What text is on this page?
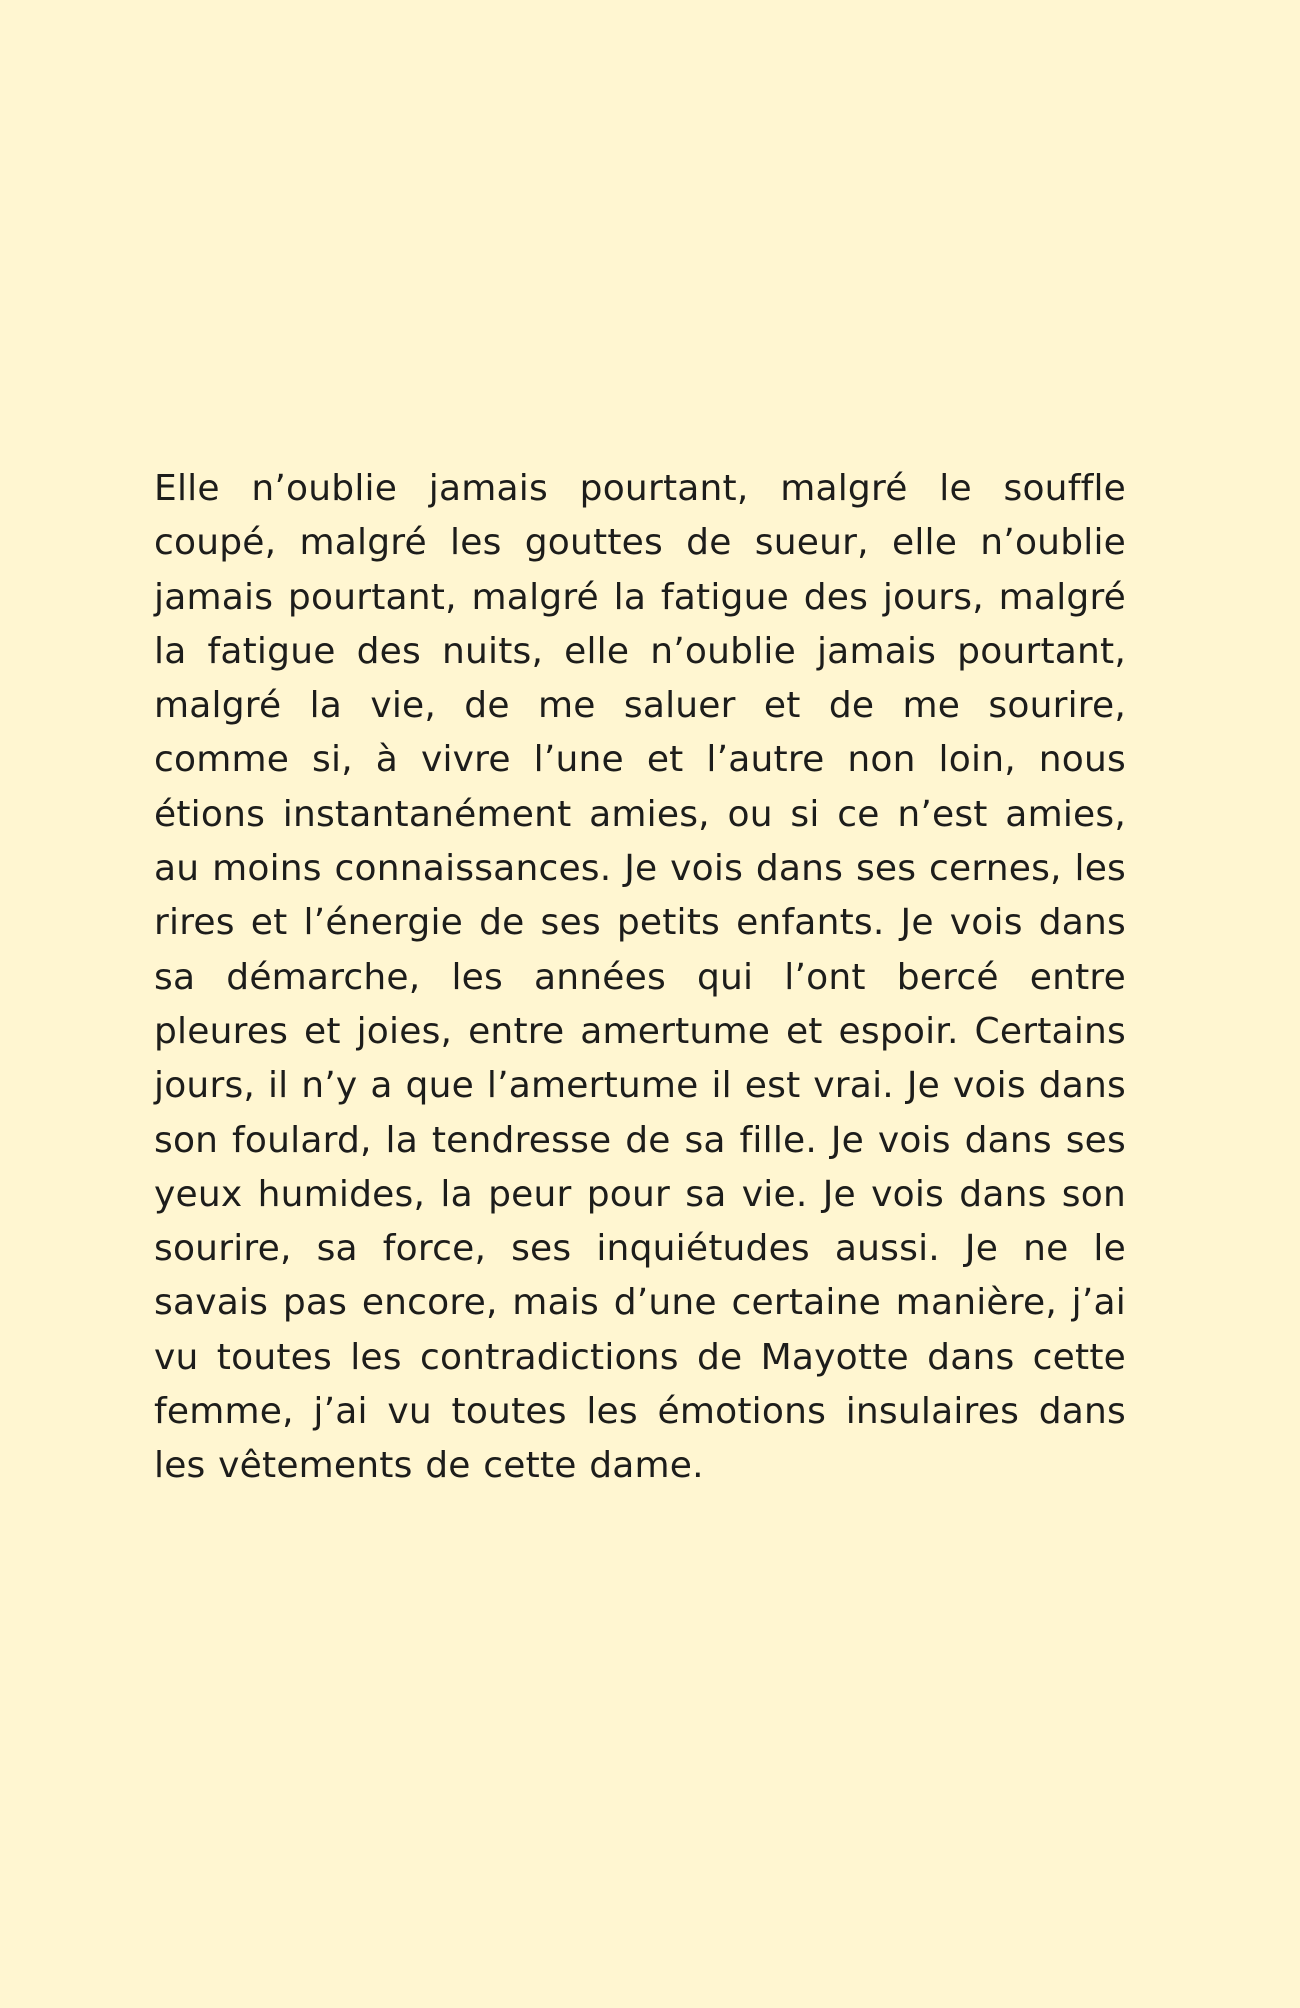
Elle n’oublie jamais pourtant, malgré le souffle coupé, malgré les gouttes de sueur, elle n’oublie jamais pourtant, malgré la fatigue des jours, malgré la fatigue des nuits, elle n’oublie jamais pourtant, malgré la vie, de me saluer et de me sourire, comme si, à vivre l’une et l’autre non loin, nous étions instantanément amies, ou si ce n’est amies, au moins connaissances. Je vois dans ses cernes, les rires et l’énergie de ses petits enfants. Je vois dans sa démarche, les années qui l’ont bercé entre pleures et joies, entre amertume et espoir. Certains jours, il n’y a que l’amertume il est vrai. Je vois dans son foulard, la tendresse de sa fille. Je vois dans ses yeux humides, la peur pour sa vie. Je vois dans son sourire, sa force, ses inquiétudes aussi. Je ne le savais pas encore, mais d’une certaine manière, j’ai vu toutes les contradictions de Mayotte dans cette femme, j’ai vu toutes les émotions insulaires dans les vêtements de cette dame.
